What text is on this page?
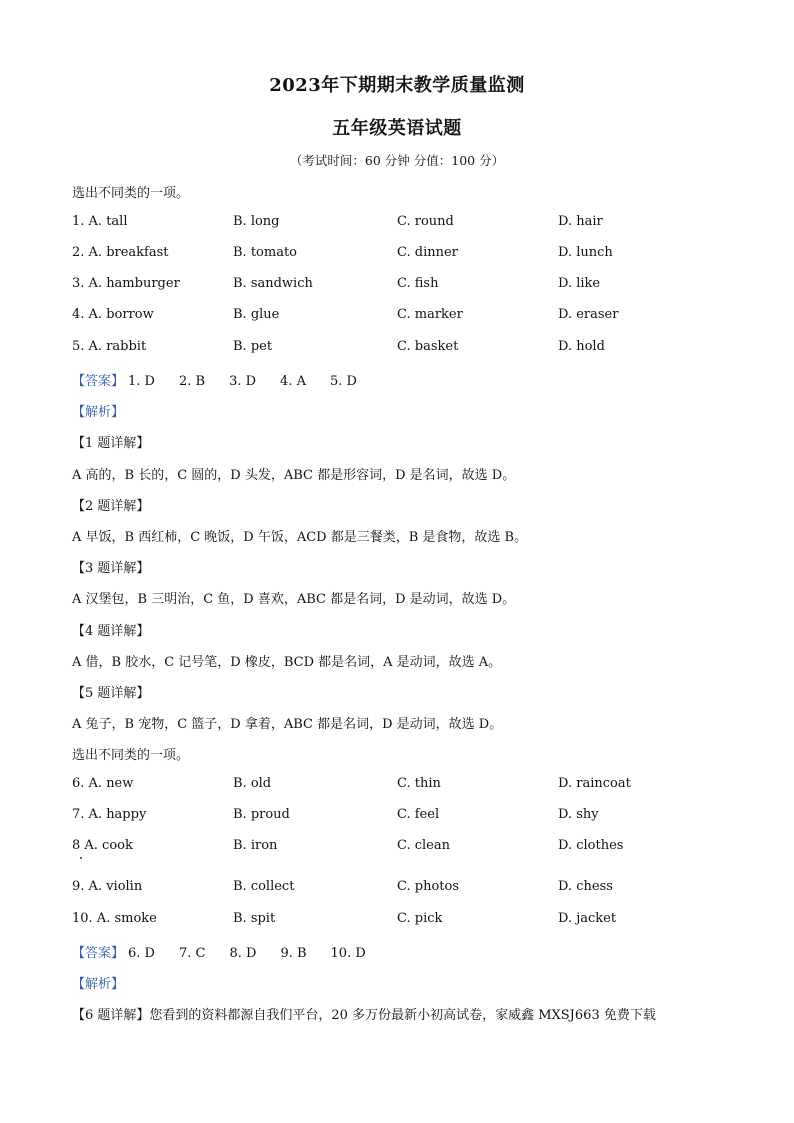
2023年下期期末教学质量监测
五年级英语试题
（考试时间：60 分钟 分值：100 分）
选出不同类的一项。
1. A. tall	B. long	C. round	D. hair
2. A. breakfast	B. tomato	C. dinner	D. lunch
3. A. hamburger	B. sandwich	C. fish	D. like
4. A. borrow	B. glue	C. marker	D. eraser
5. A. rabbit	B. pet	C. basket	D. hold
【答案】 1. D 2. B 3. D 4. A 5. D
【解析】
【1 题详解】
A 高的，B 长的，C 圆的，D 头发，ABC 都是形容词，D 是名词，故选 D。
【2 题详解】
A 早饭，B 西红柿，C 晚饭，D 午饭，ACD 都是三餐类，B 是食物，故选 B。
【3 题详解】
A 汉堡包，B 三明治，C 鱼，D 喜欢，ABC 都是名词，D 是动词，故选 D。
【4 题详解】
A 借，B 胶水，C 记号笔，D 橡皮，BCD 都是名词，A 是动词，故选 A。
【5 题详解】
A 兔子，B 宠物，C 篮子，D 拿着，ABC 都是名词，D 是动词，故选 D。
选出不同类的一项。
6. A. new	B. old	C. thin	D. raincoat
7. A. happy	B. proud	C. feel	D. shy
8 A. cook	B. iron	C. clean	D. clothes
9. A. violin	B. collect	C. photos	D. chess
10. A. smoke	B. spit	C. pick	D. jacket
【答案】 6. D 7. C 8. D 9. B 10. D
【解析】
【6 题详解】您看到的资料都源自我们平台，20 多万份最新小初高试卷，家威鑫 MXSJ663 免费下载
